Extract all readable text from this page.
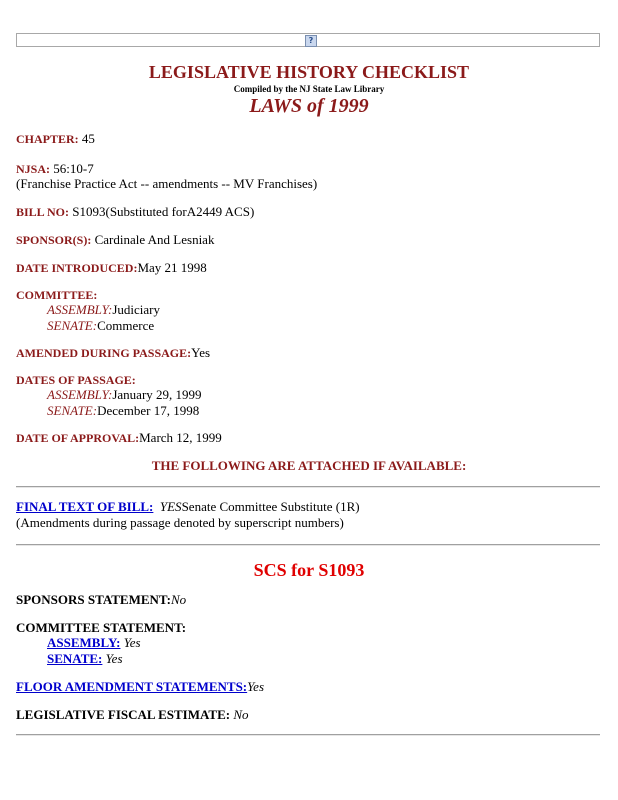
?
LEGISLATIVE HISTORY CHECKLIST
Compiled by the NJ State Law Library
LAWS of 1999
CHAPTER: 45
NJSA: 56:10-7
(Franchise Practice Act -- amendments -- MV Franchises)
BILL NO: S1093(Substituted forA2449 ACS)
SPONSOR(S): Cardinale And Lesniak
DATE INTRODUCED:May 21 1998
COMMITTEE:
ASSEMBLY:Judiciary
SENATE:Commerce
AMENDED DURING PASSAGE:Yes
DATES OF PASSAGE:
ASSEMBLY:January 29, 1999
SENATE:December 17, 1998
DATE OF APPROVAL:March 12, 1999
THE FOLLOWING ARE ATTACHED IF AVAILABLE:
FINAL TEXT OF BILL: YESSenate Committee Substitute (1R)
(Amendments during passage denoted by superscript numbers)
SCS for S1093
SPONSORS STATEMENT:No
COMMITTEE STATEMENT:
ASSEMBLY: Yes
SENATE: Yes
FLOOR AMENDMENT STATEMENTS:Yes
LEGISLATIVE FISCAL ESTIMATE: No
